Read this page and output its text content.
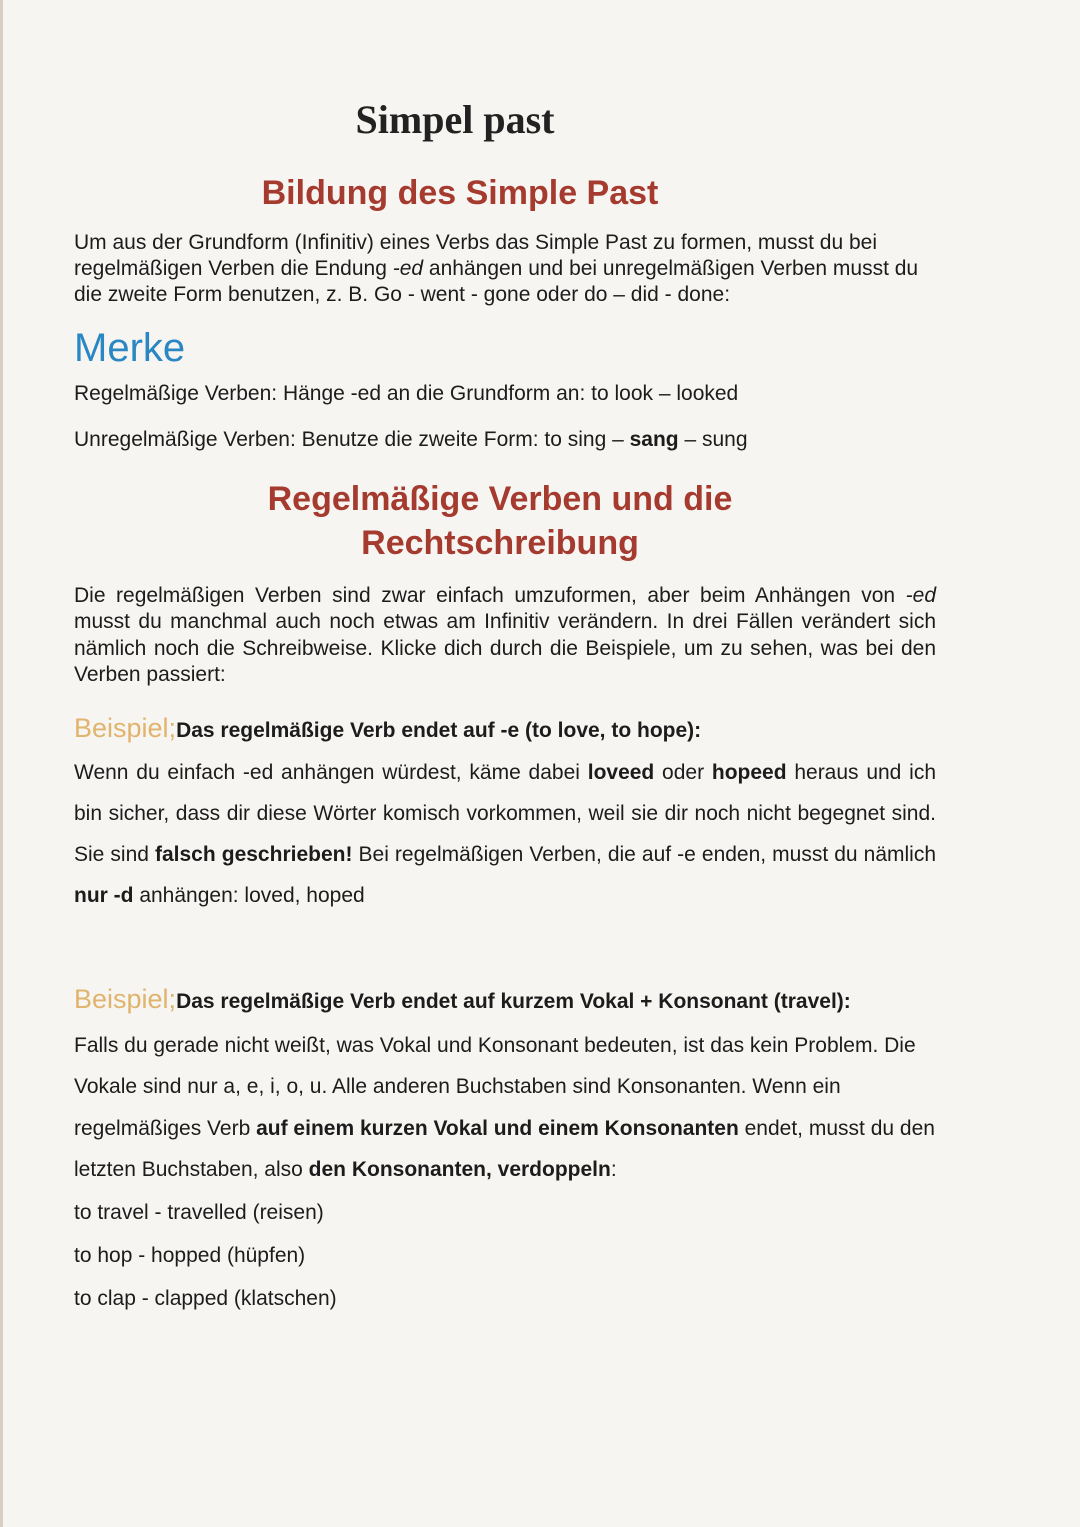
Simpel past
Bildung des Simple Past

Um aus der Grundform (Infinitiv) eines Verbs das Simple Past zu formen, musst du bei regelmäßigen Verben die Endung -ed anhängen und bei unregelmäßigen Verben musst du die zweite Form benutzen, z. B. Go - went - gone oder do – did - done:

Merke

Regelmäßige Verben: Hänge -ed an die Grundform an: to look – looked

Unregelmäßige Verben: Benutze die zweite Form: to sing – sang – sung

Regelmäßige Verben und die
Rechtschreibung

Die regelmäßigen Verben sind zwar einfach umzuformen, aber beim Anhängen von -ed musst du manchmal auch noch etwas am Infinitiv verändern. In drei Fällen verändert sich nämlich noch die Schreibweise. Klicke dich durch die Beispiele, um zu sehen, was bei den Verben passiert:

Beispiel;Das regelmäßige Verb endet auf -e (to love, to hope):

Wenn du einfach -ed anhängen würdest, käme dabei loveed oder hopeed heraus und ich bin sicher, dass dir diese Wörter komisch vorkommen, weil sie dir noch nicht begegnet sind. Sie sind falsch geschrieben! Bei regelmäßigen Verben, die auf -e enden, musst du nämlich nur -d anhängen: loved, hoped

Beispiel;Das regelmäßige Verb endet auf kurzem Vokal + Konsonant (travel):

Falls du gerade nicht weißt, was Vokal und Konsonant bedeuten, ist das kein Problem. Die Vokale sind nur a, e, i, o, u. Alle anderen Buchstaben sind Konsonanten. Wenn ein regelmäßiges Verb auf einem kurzen Vokal und einem Konsonanten endet, musst du den letzten Buchstaben, also den Konsonanten, verdoppeln:

to travel - travelled (reisen)

to hop - hopped (hüpfen)

to clap - clapped (klatschen)
